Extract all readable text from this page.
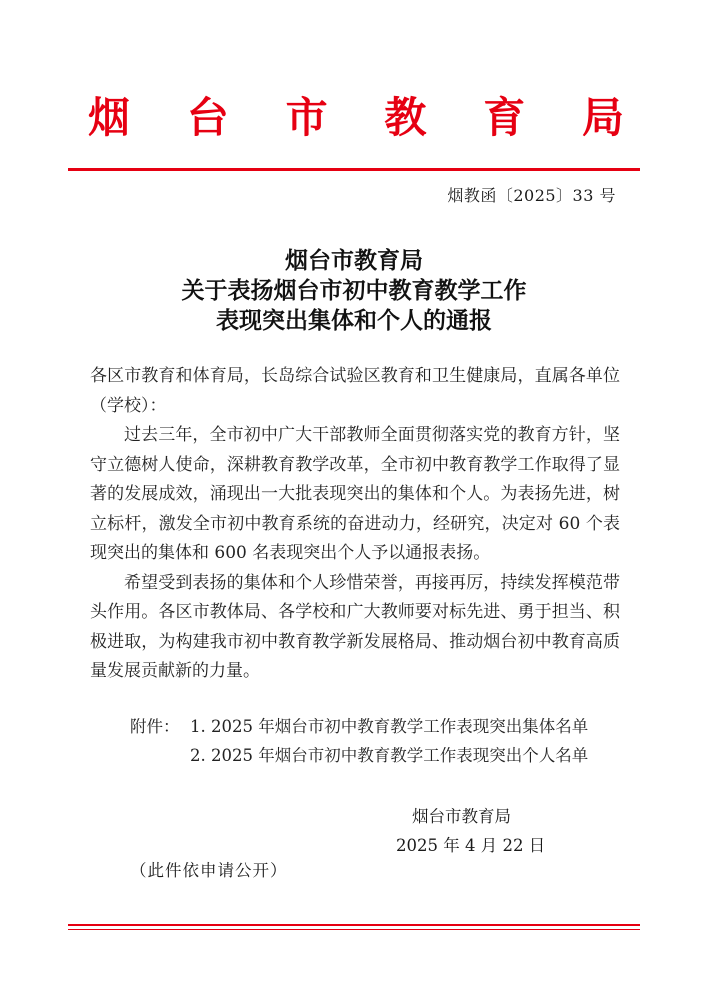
烟 台 市 教 育 局
烟教函〔2025〕33 号
烟台市教育局
关于表扬烟台市初中教育教学工作
表现突出集体和个人的通报

各区市教育和体育局，长岛综合试验区教育和卫生健康局，直属各单位（学校）：

过去三年，全市初中广大干部教师全面贯彻落实党的教育方针，坚守立德树人使命，深耕教育教学改革，全市初中教育教学工作取得了显著的发展成效，涌现出一大批表现突出的集体和个人。为表扬先进，树立标杆，激发全市初中教育系统的奋进动力，经研究，决定对 60 个表现突出的集体和 600 名表现突出个人予以通报表扬。

希望受到表扬的集体和个人珍惜荣誉，再接再厉，持续发挥模范带头作用。各区市教体局、各学校和广大教师要对标先进、勇于担当、积极进取，为构建我市初中教育教学新发展格局、推动烟台初中教育高质量发展贡献新的力量。

附件： 1. 2025 年烟台市初中教育教学工作表现突出集体名单
2. 2025 年烟台市初中教育教学工作表现突出个人名单
烟台市教育局
2025 年 4 月 22 日
（此件依申请公开）
